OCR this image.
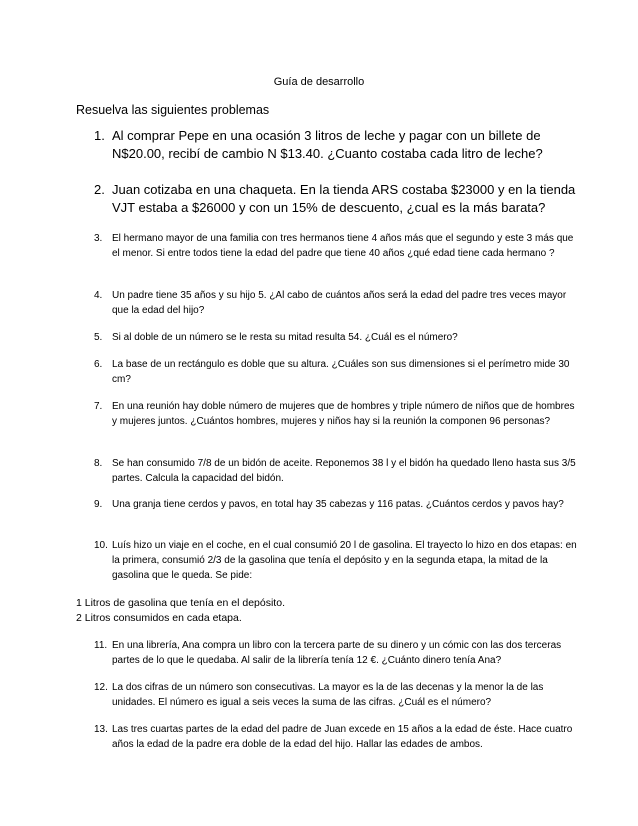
Guía de desarrollo
Resuelva las siguientes problemas
1. Al comprar Pepe en una ocasión 3 litros de leche y pagar con un billete de N$20.00, recibí de cambio N $13.40. ¿Cuanto costaba cada litro de leche?
2. Juan cotizaba en una chaqueta. En la tienda ARS costaba $23000 y en la tienda VJT estaba a $26000 y con un 15% de descuento, ¿cual es la más barata?
3. El hermano mayor de una familia con tres hermanos tiene 4 años más que el segundo y este 3 más que el menor. Si entre todos tiene la edad del padre que tiene 40 años ¿qué edad tiene cada hermano ?
4. Un padre tiene 35 años y su hijo 5. ¿Al cabo de cuántos años será la edad del padre tres veces mayor que la edad del hijo?
5. Si al doble de un número se le resta su mitad resulta 54. ¿Cuál es el número?
6. La base de un rectángulo es doble que su altura. ¿Cuáles son sus dimensiones si el perímetro mide 30 cm?
7. En una reunión hay doble número de mujeres que de hombres y triple número de niños que de hombres y mujeres juntos. ¿Cuántos hombres, mujeres y niños hay si la reunión la componen 96 personas?
8. Se han consumido 7/8 de un bidón de aceite. Reponemos 38 l y el bidón ha quedado lleno hasta sus 3/5 partes. Calcula la capacidad del bidón.
9. Una granja tiene cerdos y pavos, en total hay 35 cabezas y 116 patas. ¿Cuántos cerdos y pavos hay?
10. Luís hizo un viaje en el coche, en el cual consumió 20 l de gasolina. El trayecto lo hizo en dos etapas: en la primera, consumió 2/3 de la gasolina que tenía el depósito y en la segunda etapa, la mitad de la gasolina que le queda. Se pide:
1 Litros de gasolina que tenía en el depósito.
2 Litros consumidos en cada etapa.
11. En una librería, Ana compra un libro con la tercera parte de su dinero y un cómic con las dos terceras partes de lo que le quedaba. Al salir de la librería tenía 12 €. ¿Cuánto dinero tenía Ana?
12. La dos cifras de un número son consecutivas. La mayor es la de las decenas y la menor la de las unidades. El número es igual a seis veces la suma de las cifras. ¿Cuál es el número?
13. Las tres cuartas partes de la edad del padre de Juan excede en 15 años a la edad de éste. Hace cuatro años la edad de la padre era doble de la edad del hijo. Hallar las edades de ambos.
